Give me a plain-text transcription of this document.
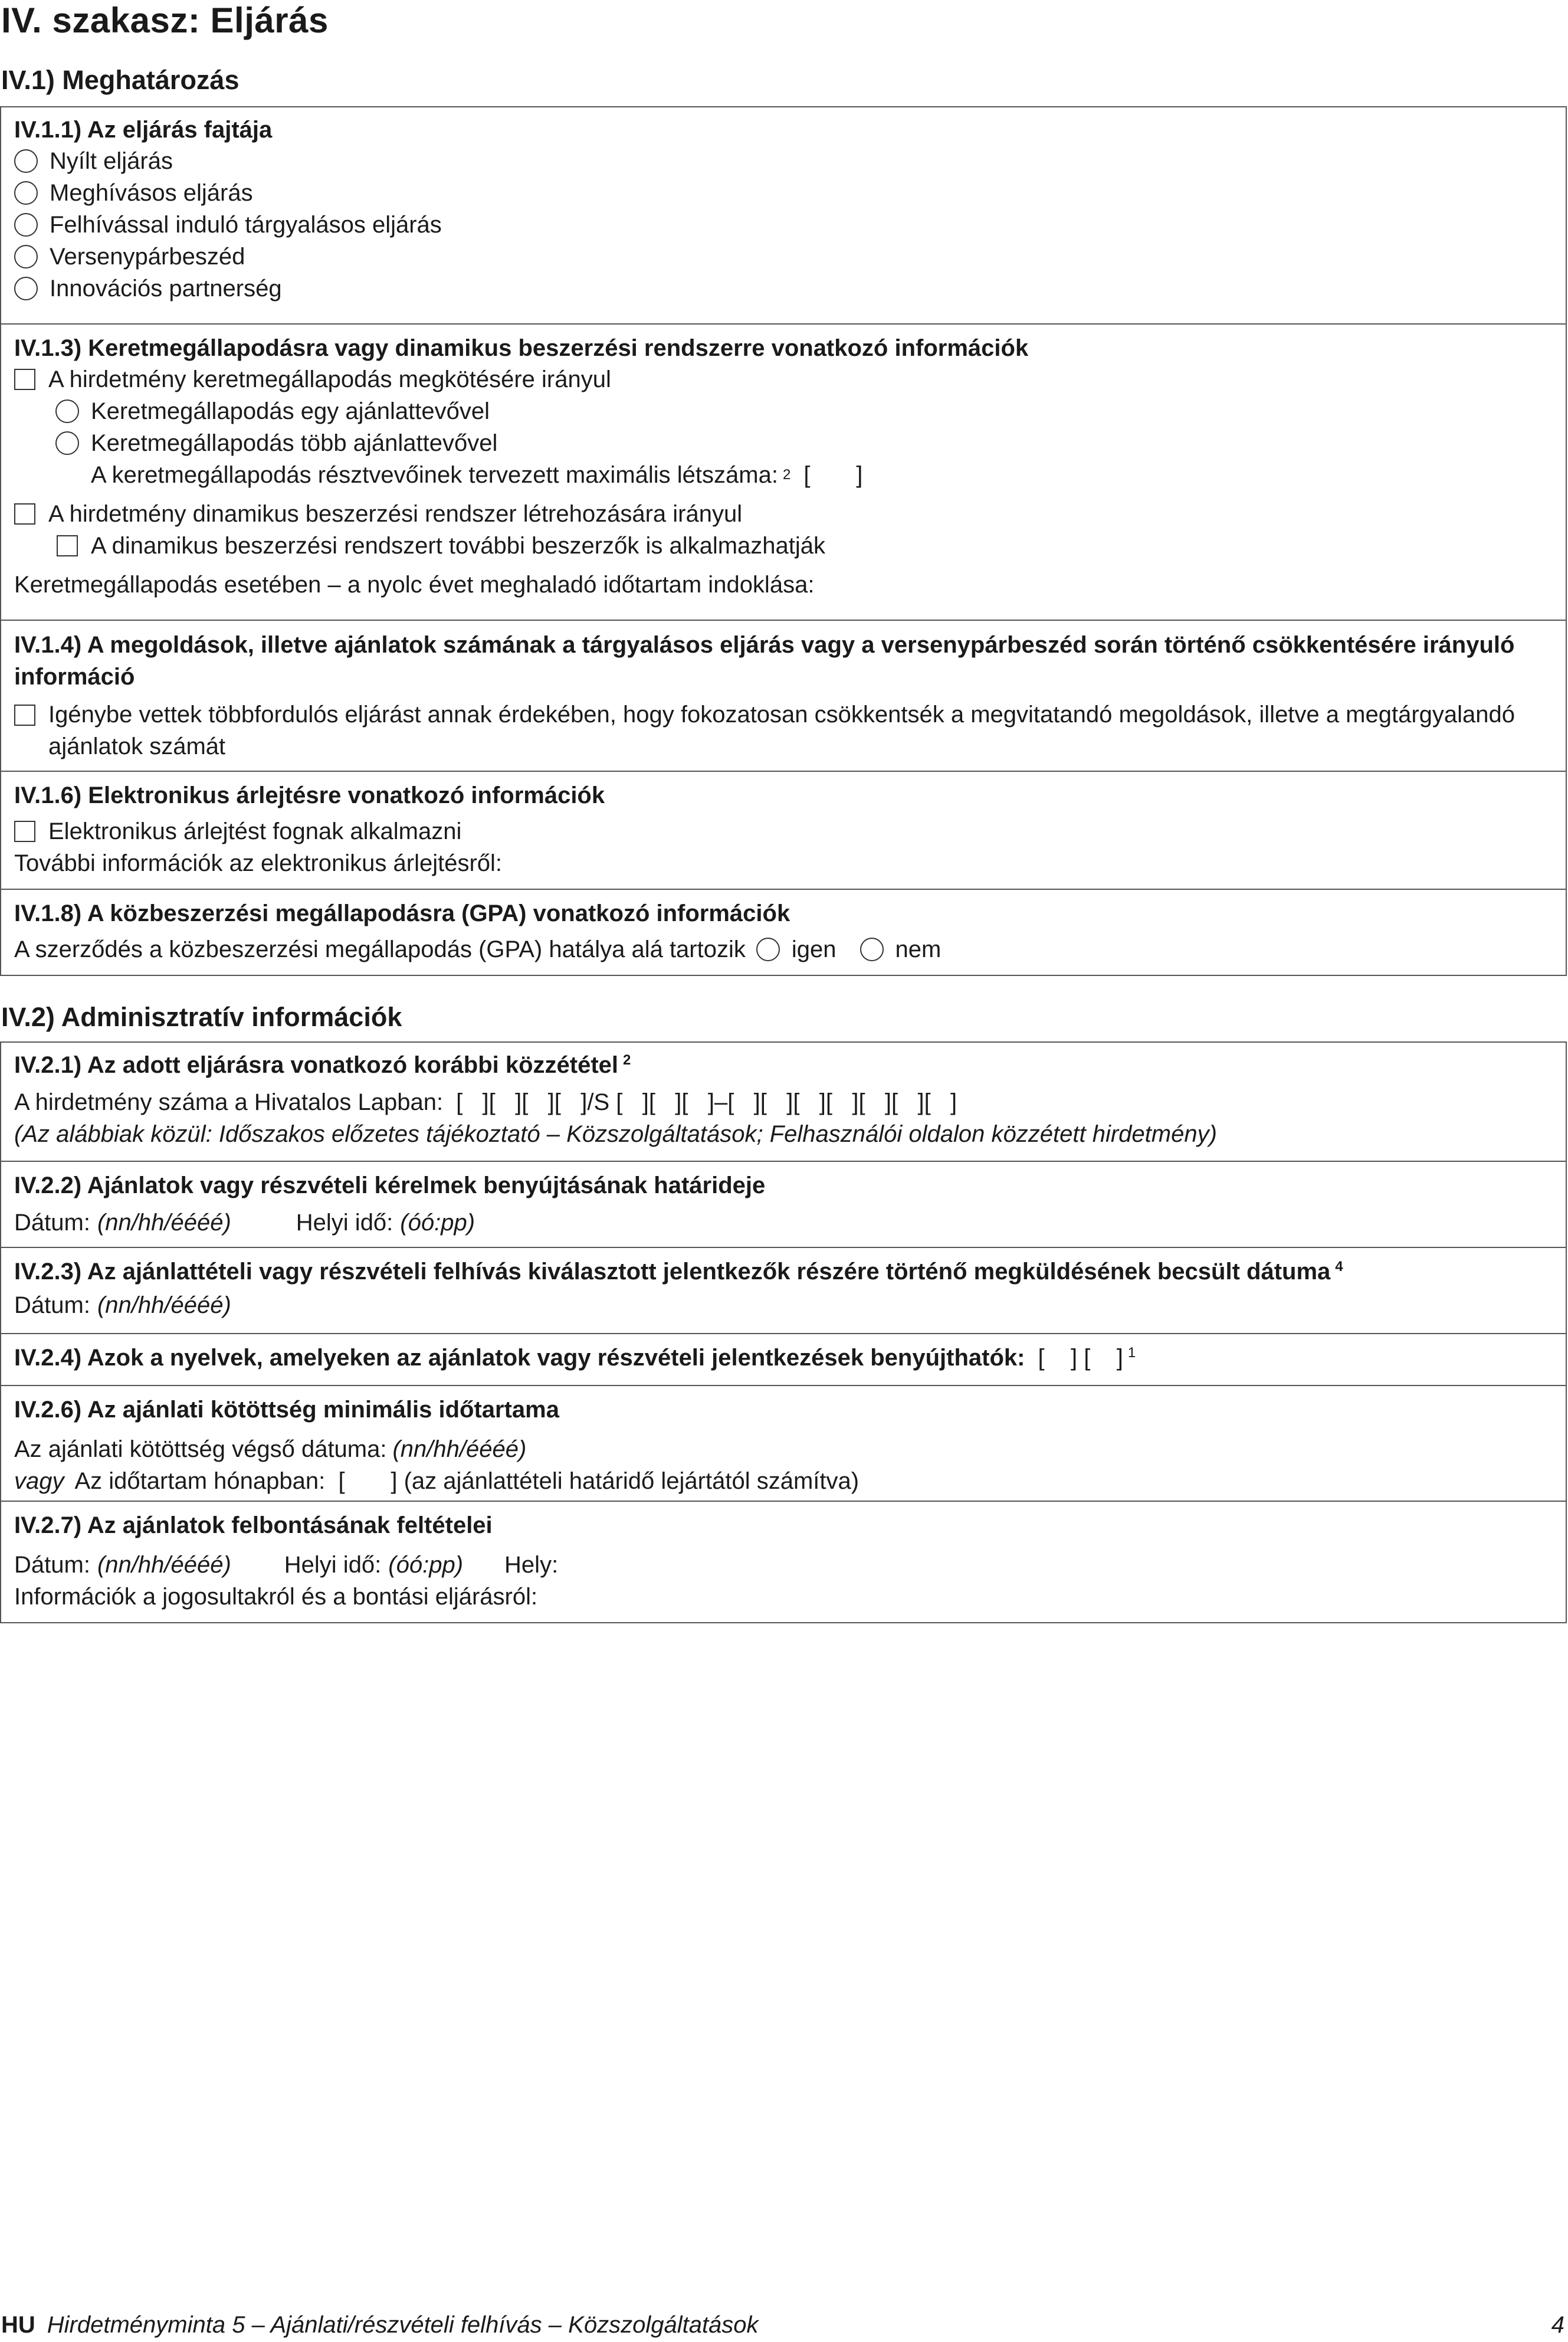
IV. szakasz: Eljárás
IV.1) Meghatározás
IV.1.1) Az eljárás fajtája
Nyílt eljárás
Meghívásos eljárás
Felhívással induló tárgyalásos eljárás
Versenypárbeszéd
Innovációs partnerség
IV.1.3) Keretmegállapodásra vagy dinamikus beszerzési rendszerre vonatkozó információk
A hirdetmény keretmegállapodás megkötésére irányul
Keretmegállapodás egy ajánlattevővel
Keretmegállapodás több ajánlattevővel
A keretmegállapodás résztvevőinek tervezett maximális létszáma: 2 [       ]
A hirdetmény dinamikus beszerzési rendszer létrehozására irányul
A dinamikus beszerzési rendszert további beszerzők is alkalmazhatják
Keretmegállapodás esetében – a nyolc évet meghaladó időtartam indoklása:
IV.1.4) A megoldások, illetve ajánlatok számának a tárgyalásos eljárás vagy a versenypárbeszéd során történő csökkentésére irányuló információ
Igénybe vettek többfordulós eljárást annak érdekében, hogy fokozatosan csökkentsék a megvitatandó megoldások, illetve a megtárgyalandó ajánlatok számát
IV.1.6) Elektronikus árlejtésre vonatkozó információk
Elektronikus árlejtést fognak alkalmazni
További információk az elektronikus árlejtésről:
IV.1.8) A közbeszerzési megállapodásra (GPA) vonatkozó információk
A szerződés a közbeszerzési megállapodás (GPA) hatálya alá tartozik igen	nem
IV.2) Adminisztratív információk
IV.2.1) Az adott eljárásra vonatkozó korábbi közzététel $^2$
A hirdetmény száma a Hivatalos Lapban: [   ][   ][   ][   ]/S [   ][   ][   ]–[   ][   ][   ][   ][   ][   ][   ]
(Az alábbiak közül: Időszakos előzetes tájékoztató – Közszolgáltatások; Felhasználói oldalon közzétett hirdetmény)
IV.2.2) Ajánlatok vagy részvételi kérelmek benyújtásának határideje
Dátum: (nn/hh/éééé)	Helyi idő: (óó:pp)
IV.2.3) Az ajánlattételi vagy részvételi felhívás kiválasztott jelentkezők részére történő megküldésének becsült dátuma $^4$
Dátum: (nn/hh/éééé)
IV.2.4) Azok a nyelvek, amelyeken az ajánlatok vagy részvételi jelentkezések benyújthatók: [    ] [    ] $^1$
IV.2.6) Az ajánlati kötöttség minimális időtartama
Az ajánlati kötöttség végső dátuma: (nn/hh/éééé)
vagy Az időtartam hónapban:  [       ] (az ajánlattételi határidő lejártától számítva)
IV.2.7) Az ajánlatok felbontásának feltételei
Dátum: (nn/hh/éééé) Helyi idő: (óó:pp) Hely:
Információk a jogosultakról és a bontási eljárásról:
HU Hirdetményminta 5 – Ajánlati/részvételi felhívás – Közszolgáltatások	4
